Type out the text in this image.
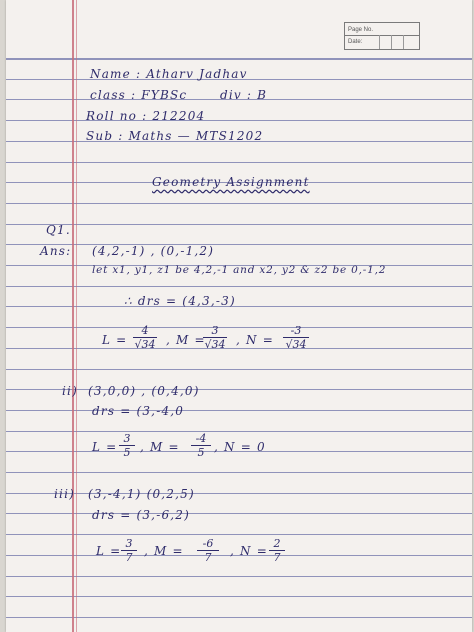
Page No.
Date:
Name : Atharv Jadhav
class : FYBSc	div : B
Roll no : 212204
Sub : Maths — MTS1202
Geometry Assignment
Q1.
Ans: (4,2,-1) , (0,-1,2)
let x1, y1, z1 be 4,2,-1 and x2, y2 & z2 be 0,-1,2
∴ drs = (4,3,-3)
L =
4
√34 , M =
3
√34 , N =
-3
√34
ii) (3,0,0) , (0,4,0)
drs = (3,-4,0
L =
3
5 , M =
-4
5 , N = 0
iii) (3,-4,1) (0,2,5)
drs = (3,-6,2)
L =
3
7 , M =
-6
7	, N =
2
7
